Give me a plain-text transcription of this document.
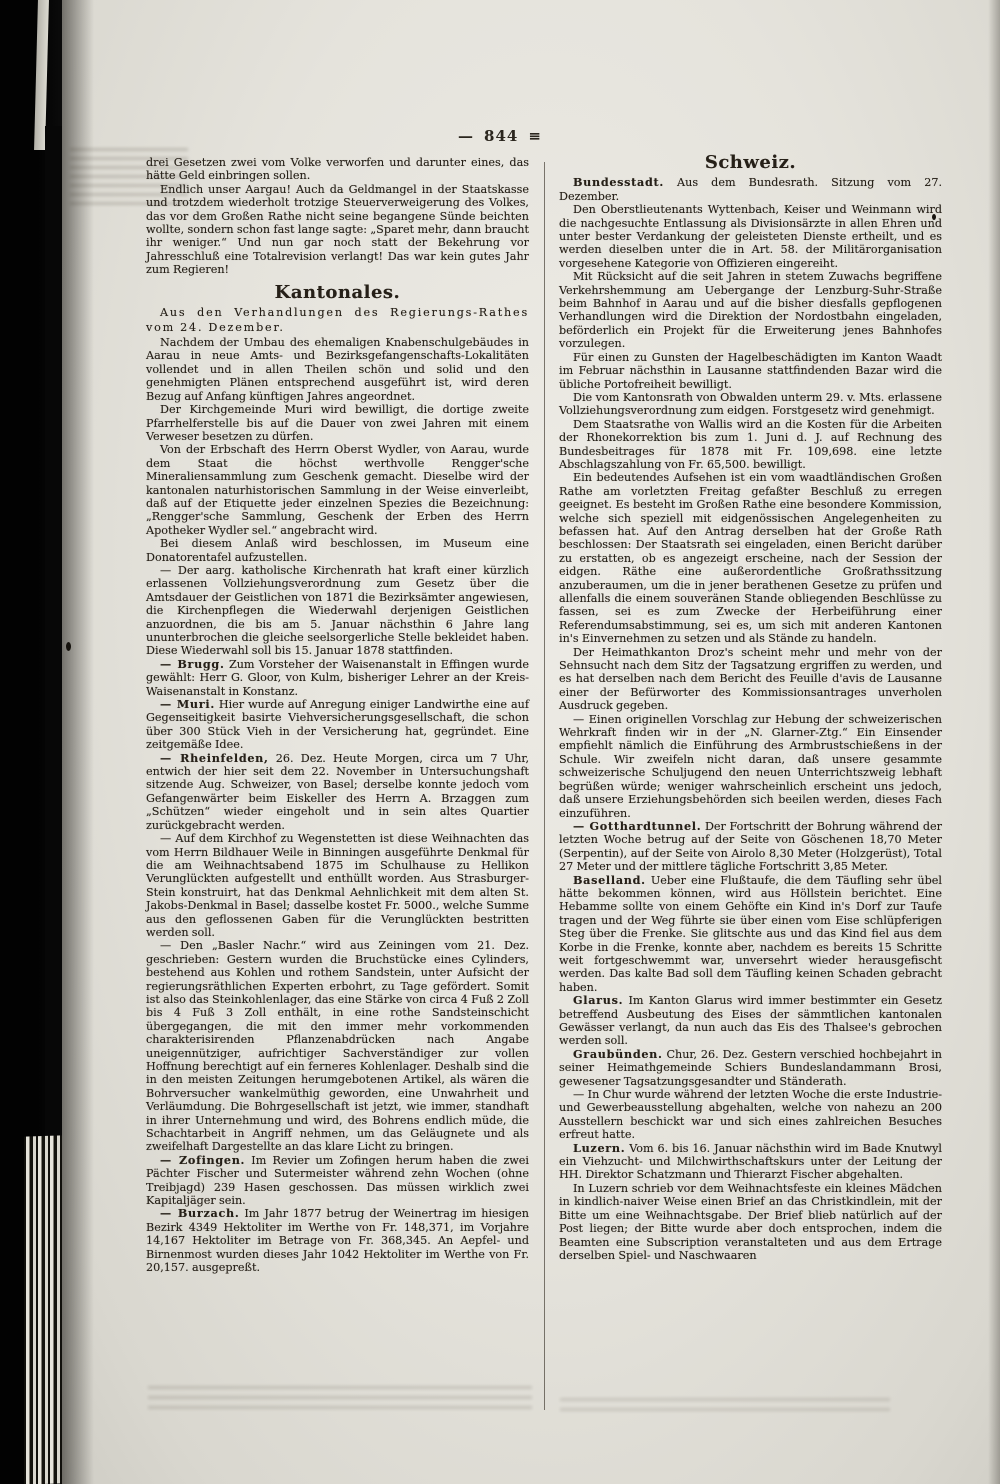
— 844 ≡

drei Gesetzen zwei vom Volke verworfen und darunter eines, das hätte Geld einbringen sollen.

Endlich unser Aargau! Auch da Geldmangel in der Staatskasse und trotzdem wiederholt trotzige Steuerverweigerung des Volkes, das vor dem Großen Rathe nicht seine begangene Sünde beichten wollte, sondern schon fast lange sagte: „Sparet mehr, dann braucht ihr weniger.“ Und nun gar noch statt der Bekehrung vor Jahresschluß eine Totalrevision verlangt! Das war kein gutes Jahr zum Regieren!

Kantonales.

Aus den Verhandlungen des Regierungs-Rathes vom 24. Dezember.

Nachdem der Umbau des ehemaligen Knabenschulgebäudes in Aarau in neue Amts- und Bezirksgefangenschafts-Lokalitäten vollendet und in allen Theilen schön und solid und den genehmigten Plänen entsprechend ausgeführt ist, wird deren Bezug auf Anfang künftigen Jahres angeordnet.

Der Kirchgemeinde Muri wird bewilligt, die dortige zweite Pfarrhelferstelle bis auf die Dauer von zwei Jahren mit einem Verweser besetzen zu dürfen.

Von der Erbschaft des Herrn Oberst Wydler, von Aarau, wurde dem Staat die höchst werthvolle Rengger'sche Mineraliensammlung zum Geschenk gemacht. Dieselbe wird der kantonalen naturhistorischen Sammlung in der Weise einverleibt, daß auf der Etiquette jeder einzelnen Spezies die Bezeichnung: „Rengger'sche Sammlung, Geschenk der Erben des Herrn Apotheker Wydler sel.“ angebracht wird.

Bei diesem Anlaß wird beschlossen, im Museum eine Donatorentafel aufzustellen.

— Der aarg. katholische Kirchenrath hat kraft einer kürzlich erlassenen Vollziehungsverordnung zum Gesetz über die Amtsdauer der Geistlichen von 1871 die Bezirksämter angewiesen, die Kirchenpflegen die Wiederwahl derjenigen Geistlichen anzuordnen, die bis am 5. Januar nächsthin 6 Jahre lang ununterbrochen die gleiche seelsorgerliche Stelle bekleidet haben. Diese Wiederwahl soll bis 15. Januar 1878 stattfinden.

— Brugg. Zum Vorsteher der Waisenanstalt in Effingen wurde gewählt: Herr G. Gloor, von Kulm, bisheriger Lehrer an der Kreis-Waisenanstalt in Konstanz.

— Muri. Hier wurde auf Anregung einiger Landwirthe eine auf Gegenseitigkeit basirte Viehversicherungsgesellschaft, die schon über 300 Stück Vieh in der Versicherung hat, gegründet. Eine zeitgemäße Idee.

— Rheinfelden, 26. Dez. Heute Morgen, circa um 7 Uhr, entwich der hier seit dem 22. November in Untersuchungshaft sitzende Aug. Schweizer, von Basel; derselbe konnte jedoch vom Gefangenwärter beim Eiskeller des Herrn A. Brzaggen zum „Schützen“ wieder eingeholt und in sein altes Quartier zurückgebracht werden.

— Auf dem Kirchhof zu Wegenstetten ist diese Weihnachten das vom Herrn Bildhauer Weile in Binningen ausgeführte Denkmal für die am Weihnachtsabend 1875 im Schulhause zu Hellikon Verunglückten aufgestellt und enthüllt worden. Aus Strasburger-Stein konstruirt, hat das Denkmal Aehnlichkeit mit dem alten St. Jakobs-Denkmal in Basel; dasselbe kostet Fr. 5000., welche Summe aus den geflossenen Gaben für die Verunglückten bestritten werden soll.

— Den „Basler Nachr.“ wird aus Zeiningen vom 21. Dez. geschrieben: Gestern wurden die Bruchstücke eines Cylinders, bestehend aus Kohlen und rothem Sandstein, unter Aufsicht der regierungsräthlichen Experten erbohrt, zu Tage gefördert. Somit ist also das Steinkohlenlager, das eine Stärke von circa 4 Fuß 2 Zoll bis 4 Fuß 3 Zoll enthält, in eine rothe Sandsteinschicht übergegangen, die mit den immer mehr vorkommenden charakterisirenden Pflanzenabdrücken nach Angabe uneigennütziger, aufrichtiger Sachverständiger zur vollen Hoffnung berechtigt auf ein ferneres Kohlenlager. Deshalb sind die in den meisten Zeitungen herumgebotenen Artikel, als wären die Bohrversucher wankelmüthig geworden, eine Unwahrheit und Verläumdung. Die Bohrgesellschaft ist jetzt, wie immer, standhaft in ihrer Unternehmung und wird, des Bohrens endlich müde, die Schachtarbeit in Angriff nehmen, um das Geläugnete und als zweifelhaft Dargestellte an das klare Licht zu bringen.

— Zofingen. Im Revier um Zofingen herum haben die zwei Pächter Fischer und Sutermeister während zehn Wochen (ohne Treibjagd) 239 Hasen geschossen. Das müssen wirklich zwei Kapitaljäger sein.

— Burzach. Im Jahr 1877 betrug der Weinertrag im hiesigen Bezirk 4349 Hektoliter im Werthe von Fr. 148,371, im Vorjahre 14,167 Hektoliter im Betrage von Fr. 368,345. An Aepfel- und Birnenmost wurden dieses Jahr 1042 Hektoliter im Werthe von Fr. 20,157. ausgepreßt.

Schweiz.

Bundesstadt. Aus dem Bundesrath. Sitzung vom 27. Dezember.

Den Oberstlieutenants Wyttenbach, Keiser und Weinmann wird die nachgesuchte Entlassung als Divisionsärzte in allen Ehren und unter bester Verdankung der geleisteten Dienste ertheilt, und es werden dieselben unter die in Art. 58. der Militärorganisation vorgesehene Kategorie von Offizieren eingereiht.

Mit Rücksicht auf die seit Jahren in stetem Zuwachs begriffene Verkehrshemmung am Uebergange der Lenzburg-Suhr-Straße beim Bahnhof in Aarau und auf die bisher diesfalls gepflogenen Verhandlungen wird die Direktion der Nordostbahn eingeladen, beförderlich ein Projekt für die Erweiterung jenes Bahnhofes vorzulegen.

Für einen zu Gunsten der Hagelbeschädigten im Kanton Waadt im Februar nächsthin in Lausanne stattfindenden Bazar wird die übliche Portofreiheit bewilligt.

Die vom Kantonsrath von Obwalden unterm 29. v. Mts. erlassene Vollziehungsverordnung zum eidgen. Forstgesetz wird genehmigt.

Dem Staatsrathe von Wallis wird an die Kosten für die Arbeiten der Rhonekorrektion bis zum 1. Juni d. J. auf Rechnung des Bundesbeitrages für 1878 mit Fr. 109,698. eine letzte Abschlagszahlung von Fr. 65,500. bewilligt.

Ein bedeutendes Aufsehen ist ein vom waadtländischen Großen Rathe am vorletzten Freitag gefaßter Beschluß zu erregen geeignet. Es besteht im Großen Rathe eine besondere Kommission, welche sich speziell mit eidgenössischen Angelegenheiten zu befassen hat. Auf den Antrag derselben hat der Große Rath beschlossen: Der Staatsrath sei eingeladen, einen Bericht darüber zu erstatten, ob es angezeigt erscheine, nach der Session der eidgen. Räthe eine außerordentliche Großrathssitzung anzuberaumen, um die in jener berathenen Gesetze zu prüfen und allenfalls die einem souveränen Stande obliegenden Beschlüsse zu fassen, sei es zum Zwecke der Herbeiführung einer Referendumsabstimmung, sei es, um sich mit anderen Kantonen in's Einvernehmen zu setzen und als Stände zu handeln.

Der Heimathkanton Droz's scheint mehr und mehr von der Sehnsucht nach dem Sitz der Tagsatzung ergriffen zu werden, und es hat derselben nach dem Bericht des Feuille d'avis de Lausanne einer der Befürworter des Kommissionsantrages unverholen Ausdruck gegeben.

— Einen originellen Vorschlag zur Hebung der schweizerischen Wehrkraft finden wir in der „N. Glarner-Ztg.“ Ein Einsender empfiehlt nämlich die Einführung des Armbrustschießens in der Schule. Wir zweifeln nicht daran, daß unsere gesammte schweizerische Schuljugend den neuen Unterrichtszweig lebhaft begrüßen würde; weniger wahrscheinlich erscheint uns jedoch, daß unsere Erziehungsbehörden sich beeilen werden, dieses Fach einzuführen.

— Gotthardtunnel. Der Fortschritt der Bohrung während der letzten Woche betrug auf der Seite von Göschenen 18,70 Meter (Serpentin), auf der Seite von Airolo 8,30 Meter (Holzgerüst), Total 27 Meter und der mittlere tägliche Fortschritt 3,85 Meter.

Baselland. Ueber eine Flußtaufe, die dem Täufling sehr übel hätte bekommen können, wird aus Höllstein berichtet. Eine Hebamme sollte von einem Gehöfte ein Kind in's Dorf zur Taufe tragen und der Weg führte sie über einen vom Eise schlüpferigen Steg über die Frenke. Sie glitschte aus und das Kind fiel aus dem Korbe in die Frenke, konnte aber, nachdem es bereits 15 Schritte weit fortgeschwemmt war, unversehrt wieder herausgefischt werden. Das kalte Bad soll dem Täufling keinen Schaden gebracht haben.

Glarus. Im Kanton Glarus wird immer bestimmter ein Gesetz betreffend Ausbeutung des Eises der sämmtlichen kantonalen Gewässer verlangt, da nun auch das Eis des Thalsee's gebrochen werden soll.

Graubünden. Chur, 26. Dez. Gestern verschied hochbejahrt in seiner Heimathgemeinde Schiers Bundeslandammann Brosi, gewesener Tagsatzungsgesandter und Ständerath.

— In Chur wurde während der letzten Woche die erste Industrie- und Gewerbeausstellung abgehalten, welche von nahezu an 200 Ausstellern beschickt war und sich eines zahlreichen Besuches erfreut hatte.

Luzern. Vom 6. bis 16. Januar nächsthin wird im Bade Knutwyl ein Viehzucht- und Milchwirthschaftskurs unter der Leitung der HH. Direktor Schatzmann und Thierarzt Fischer abgehalten.

In Luzern schrieb vor dem Weihnachtsfeste ein kleines Mädchen in kindlich-naiver Weise einen Brief an das Christkindlein, mit der Bitte um eine Weihnachtsgabe. Der Brief blieb natürlich auf der Post liegen; der Bitte wurde aber doch entsprochen, indem die Beamten eine Subscription veranstalteten und aus dem Ertrage derselben Spiel- und Naschwaaren
